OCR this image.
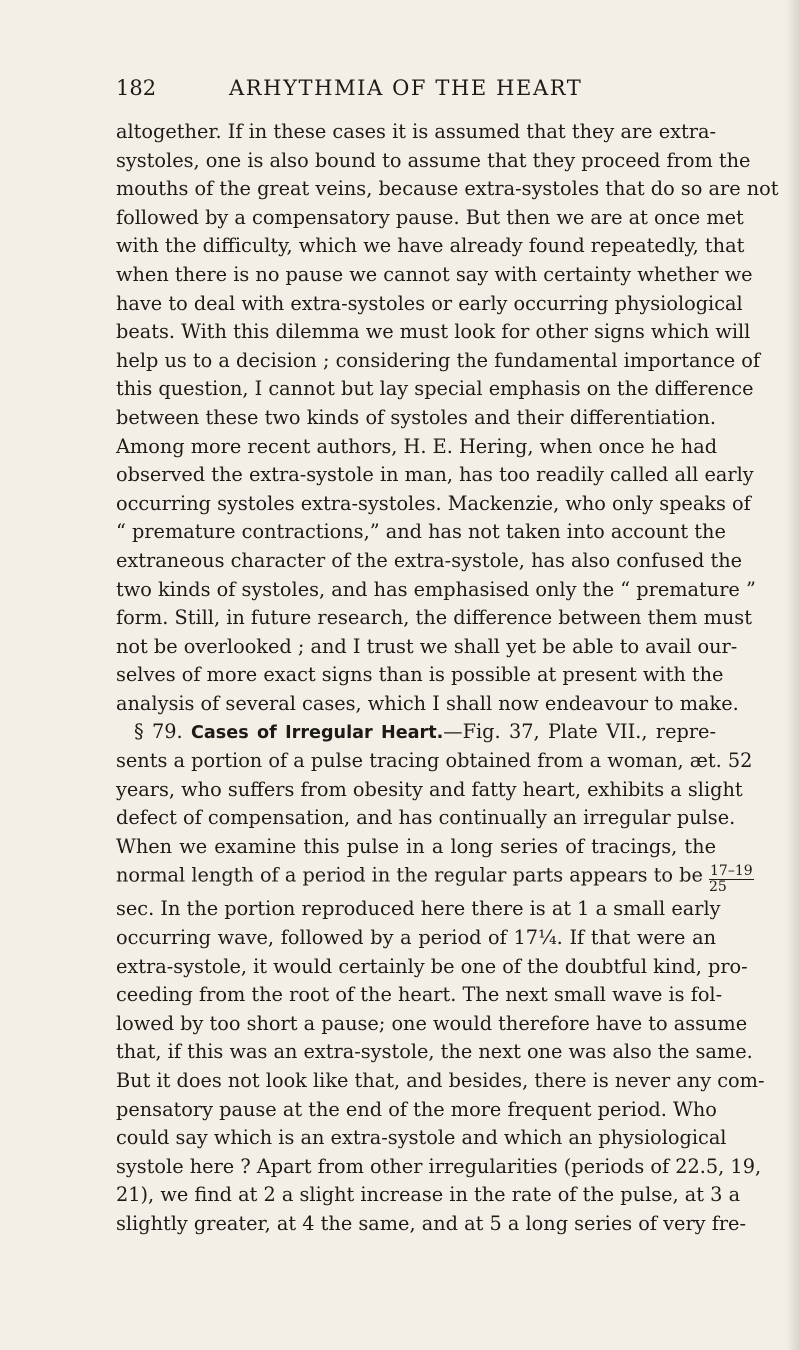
182	ARHYTHMIA OF THE HEART
altogether. If in these cases it is assumed that they are extra-
systoles, one is also bound to assume that they proceed from the
mouths of the great veins, because extra-systoles that do so are not
followed by a compensatory pause. But then we are at once met
with the difficulty, which we have already found repeatedly, that
when there is no pause we cannot say with certainty whether we
have to deal with extra-systoles or early occurring physiological
beats. With this dilemma we must look for other signs which will
help us to a decision ; considering the fundamental importance of
this question, I cannot but lay special emphasis on the difference
between these two kinds of systoles and their differentiation.
Among more recent authors, H. E. Hering, when once he had
observed the extra-systole in man, has too readily called all early
occurring systoles extra-systoles. Mackenzie, who only speaks of
“ premature contractions,” and has not taken into account the
extraneous character of the extra-systole, has also confused the
two kinds of systoles, and has emphasised only the “ premature ”
form. Still, in future research, the difference between them must
not be overlooked ; and I trust we shall yet be able to avail our-
selves of more exact signs than is possible at present with the
analysis of several cases, which I shall now endeavour to make.
§ 79. Cases of Irregular Heart.—Fig. 37, Plate VII., repre-
sents a portion of a pulse tracing obtained from a woman, æt. 52
years, who suffers from obesity and fatty heart, exhibits a slight
defect of compensation, and has continually an irregular pulse.
When we examine this pulse in a long series of tracings, the
normal length of a period in the regular parts appears to be $\frac{17-19}{25}$
sec. In the portion reproduced here there is at 1 a small early
occurring wave, followed by a period of 17¼. If that were an
extra-systole, it would certainly be one of the doubtful kind, pro-
ceeding from the root of the heart. The next small wave is fol-
lowed by too short a pause; one would therefore have to assume
that, if this was an extra-systole, the next one was also the same.
But it does not look like that, and besides, there is never any com-
pensatory pause at the end of the more frequent period. Who
could say which is an extra-systole and which an physiological
systole here ? Apart from other irregularities (periods of 22.5, 19,
21), we find at 2 a slight increase in the rate of the pulse, at 3 a
slightly greater, at 4 the same, and at 5 a long series of very fre-
